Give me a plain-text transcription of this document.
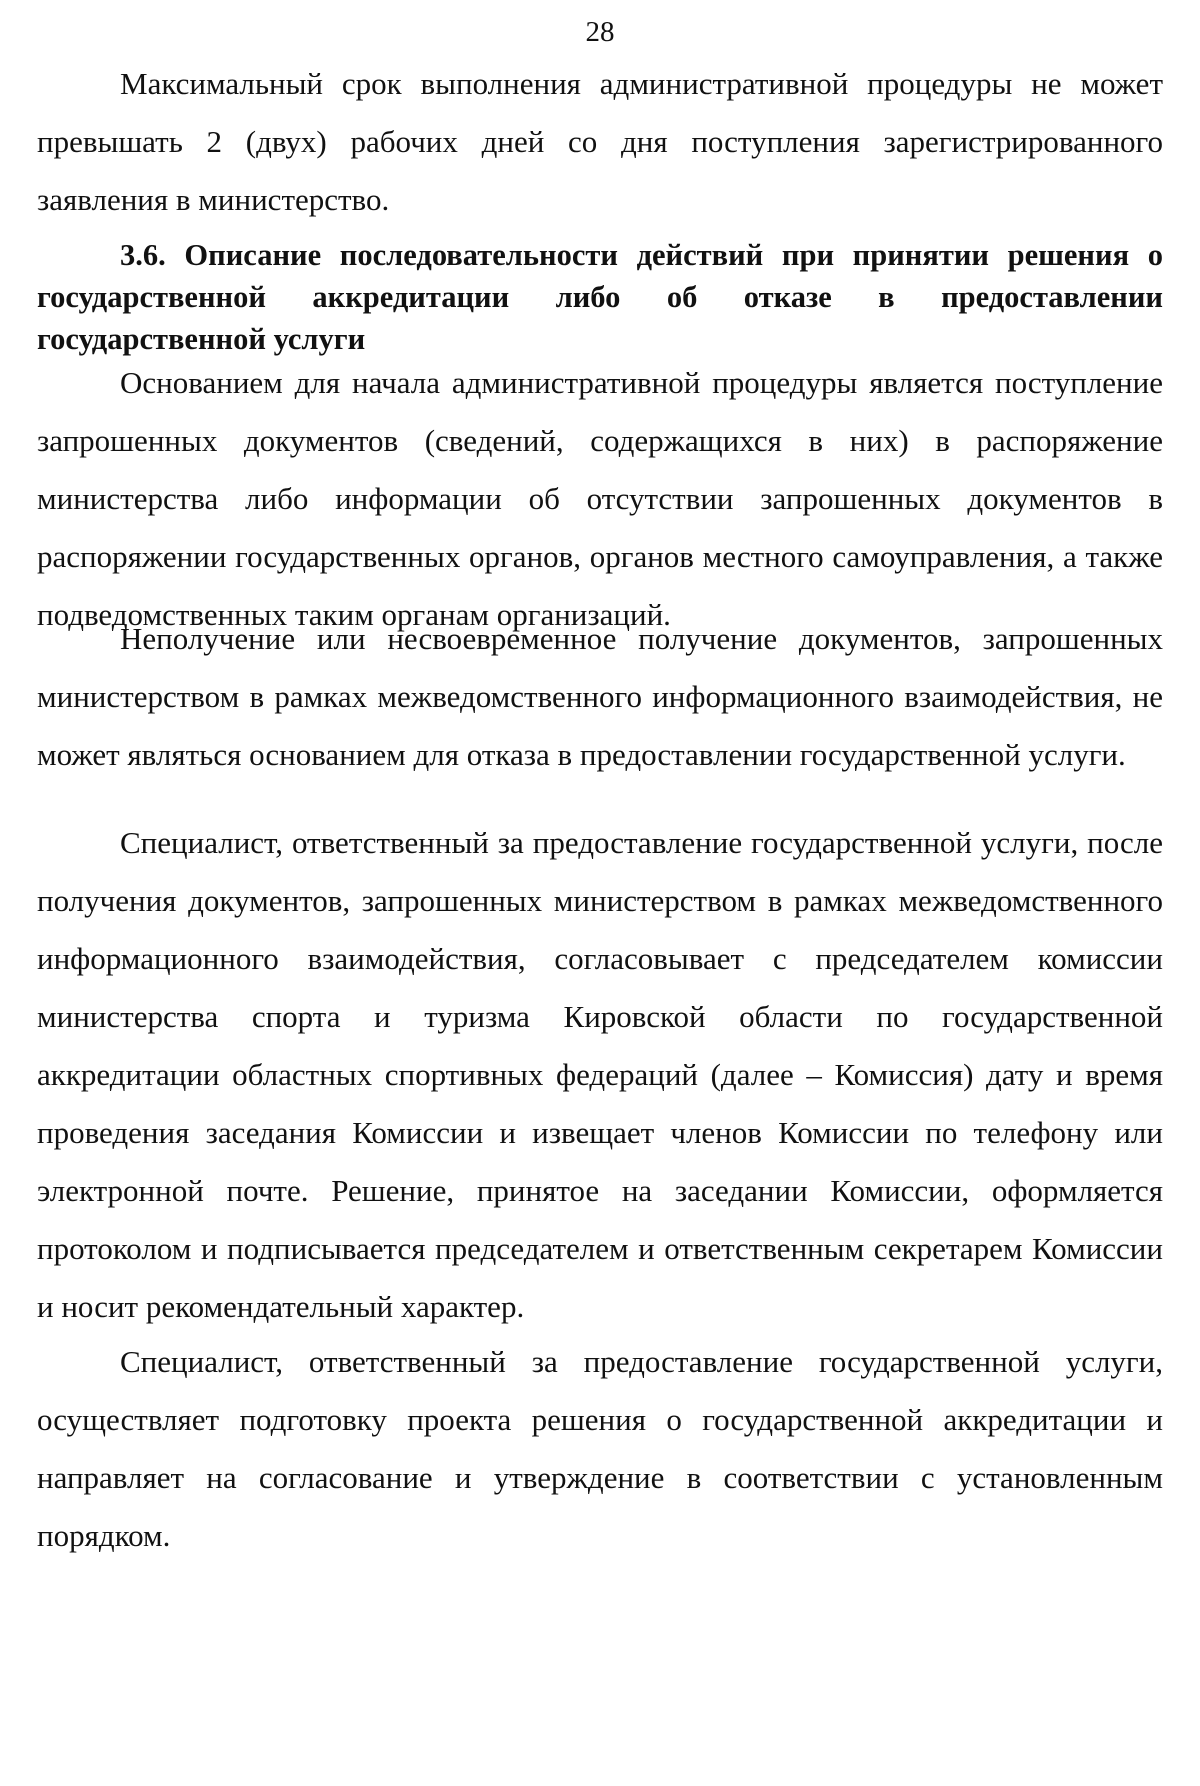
28

Максимальный срок выполнения административной процедуры не может превышать 2 (двух) рабочих дней со дня поступления зарегистрированного заявления в министерство.

3.6. Описание последовательности действий при принятии решения о государственной аккредитации либо об отказе в предоставлении государственной услуги

Основанием для начала административной процедуры является поступление запрошенных документов (сведений, содержащихся в них) в распоряжение министерства либо информации об отсутствии запрошенных документов в распоряжении государственных органов, органов местного самоуправления, а также подведомственных таким органам организаций.

Неполучение или несвоевременное получение документов, запрошенных министерством в рамках межведомственного информационного взаимодействия, не может являться основанием для отказа в предоставлении государственной услуги.

Специалист, ответственный за предоставление государственной услуги, после получения документов, запрошенных министерством в рамках межведомственного информационного взаимодействия, согласовывает с председателем комиссии министерства спорта и туризма Кировской области по государственной аккредитации областных спортивных федераций (далее – Комиссия) дату и время проведения заседания Комиссии и извещает членов Комиссии по телефону или электронной почте. Решение, принятое на заседании Комиссии, оформляется протоколом и подписывается председателем и ответственным секретарем Комиссии и носит рекомендательный характер.

Специалист, ответственный за предоставление государственной услуги, осуществляет подготовку проекта решения о государственной аккредитации и направляет на согласование и утверждение в соответствии с установленным порядком.
